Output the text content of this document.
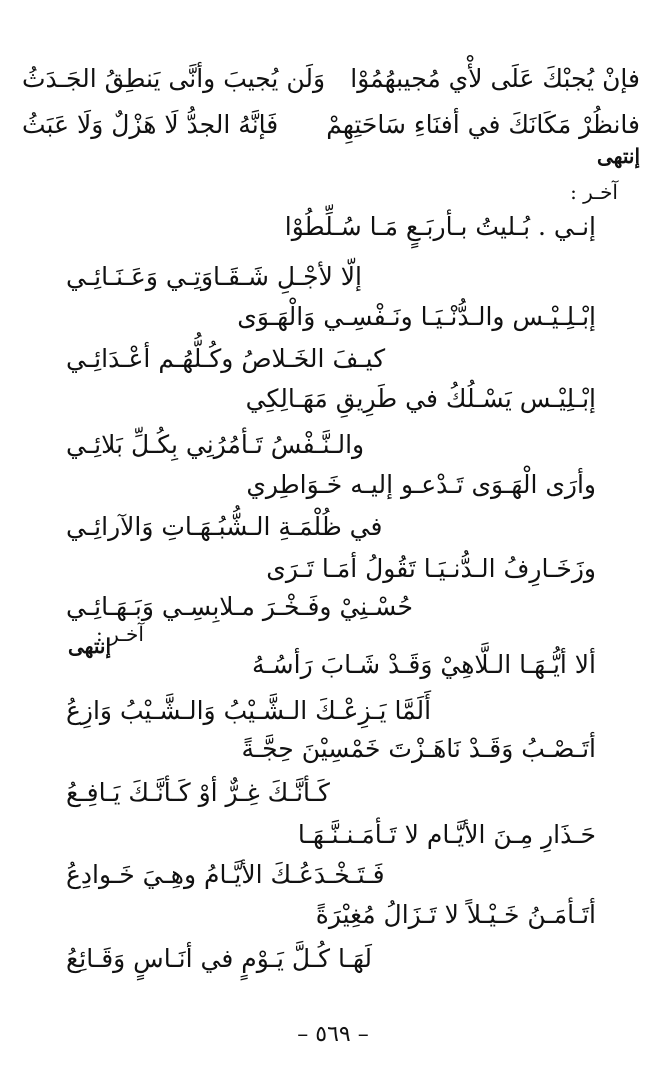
فإنْ يُجبْكَ عَلَى لأْي مُجيبهُمُوْا
وَلَن يُجيبَ وأنَّى يَنطِقُ الجَـدَثُ
فانظُرْ مَكَانَكَ في أفنَاءِ سَاحَتِهِمْ
فَإنَّهُ الجدُّ لَا هَزْلٌ وَلَا عَبَثُ
إنتهى
آخـر :
إنـي . بُـليتُ بـأربَـعٍ مَـا سُـلِّطُوْا
إلّا لأجْـلِ شَـقَـاوَتِـي وَعَـنَـائِـي
إبْـلِـيْـس والـدُّنْـيَـا ونَـفْسِـي وَالْهَـوَى
كيـفَ الخَـلاصُ وكُـلُّهُـم أعْـدَائِـي
إبْـلِيْـس يَسْـلُكُ في طَرِيقِ مَهَـالِكِي
والـنَّـفْسُ تَـأمُرُنِي بِكُـلِّ بَلائِـي
وأرَى الْهَـوَى تَـدْعـو إليـه خَـوَاطِري
في ظُلْمَـةِ الـشُّبُـهَـاتِ وَالآرائِـي
وزَخَـارِفُ الـدُّنـيَـا تَقُولُ أمَـا تَـرَى
حُسْـنِيْ وفَـخْـرَ مـلابِسِـي وَبَـهَـائِـي
آخـر :
إنتهى
ألا أيُّـهَـا الـلَّاهِيْ وَقَـدْ شَـابَ رَأسُـهُ
أَلَمَّا يَـزِعْـكَ الـشَّـيْبُ وَالـشَّـيْبُ وَازِعُ
أتَـصْـبُ وَقَـدْ نَاهَـزْتَ خَمْسِيْنَ حِجَّـةً
كَـأنَّـكَ غِـرٌّ أوْ كَـأنَّـكَ يَـافِـعُ
حَـذَارِ مِـنَ الأيَّـام لا تَـأمَـنـنَّـهَـا
فَـتَـخْـدَعُـكَ الأيَّـامُ وهِـيَ خَـوادِعُ
أتَـأمَـنُ خَـيْـلاً لا تَـزَالُ مُغِيْرَةً
لَهَـا كُـلَّ يَـوْمٍ في أنَـاسٍ وَقَـائِعُ
– ٥٦٩ –
